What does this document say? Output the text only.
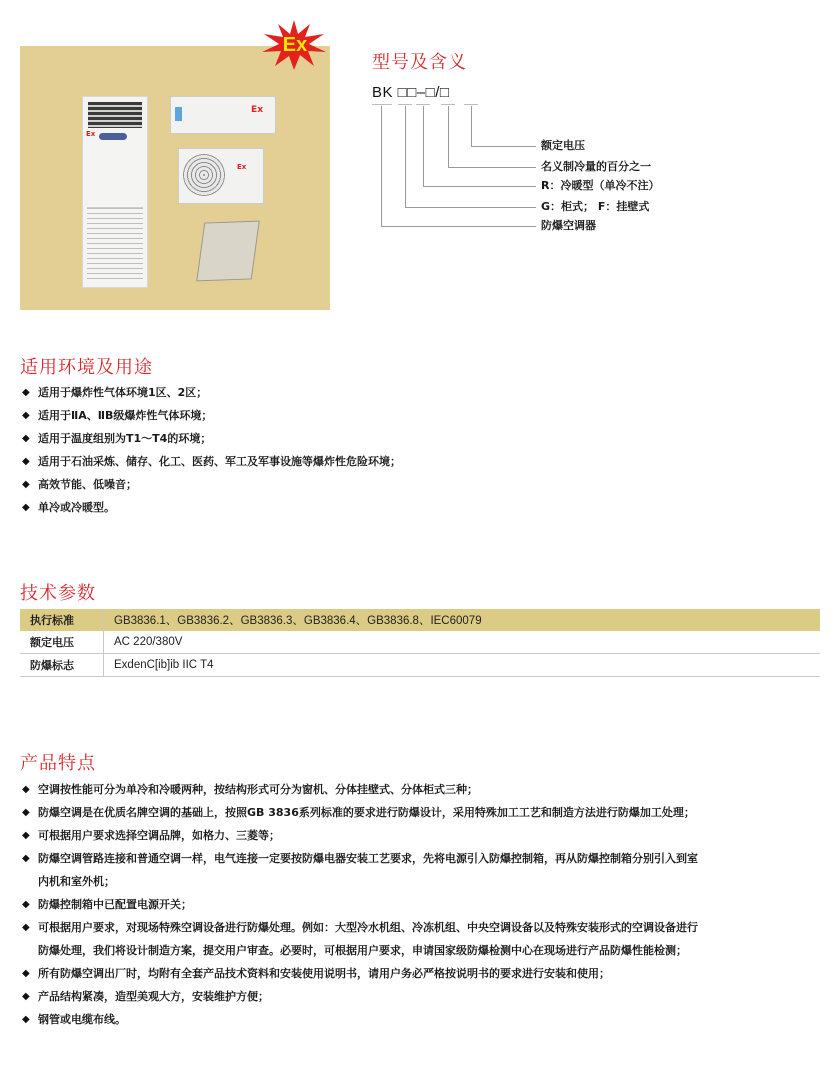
Ex
Ex
Ex
Ex
型号及含义
BK □□–□/□
额定电压
名义制冷量的百分之一
R：冷暖型（单冷不注）
G：柜式； F：挂壁式
防爆空调器
适用环境及用途
◆ 适用于爆炸性气体环境1区、2区；
◆ 适用于ⅡA、ⅡB级爆炸性气体环境；
◆ 适用于温度组别为T1～T4的环境；
◆ 适用于石油采炼、储存、化工、医药、军工及军事设施等爆炸性危险环境；
◆ 高效节能、低噪音；
◆ 单冷或冷暖型。
技术参数
执行标准	GB3836.1、GB3836.2、GB3836.3、GB3836.4、GB3836.8、IEC60079
额定电压	AC 220/380V
防爆标志	ExdenC[ib]ib IIC T4
产品特点
◆ 空调按性能可分为单冷和冷暖两种，按结构形式可分为窗机、分体挂壁式、分体柜式三种；
◆ 防爆空调是在优质名牌空调的基础上，按照GB 3836系列标准的要求进行防爆设计，采用特殊加工工艺和制造方法进行防爆加工处理；
◆ 可根据用户要求选择空调品牌，如格力、三菱等；
◆ 防爆空调管路连接和普通空调一样，电气连接一定要按防爆电器安装工艺要求，先将电源引入防爆控制箱，再从防爆控制箱分别引入到室
内机和室外机；
◆ 防爆控制箱中已配置电源开关；
◆ 可根据用户要求，对现场特殊空调设备进行防爆处理。例如：大型冷水机组、冷冻机组、中央空调设备以及特殊安装形式的空调设备进行
防爆处理，我们将设计制造方案，提交用户审查。必要时，可根据用户要求，申请国家级防爆检测中心在现场进行产品防爆性能检测；
◆ 所有防爆空调出厂时，均附有全套产品技术资料和安装使用说明书，请用户务必严格按说明书的要求进行安装和使用；
◆ 产品结构紧凑，造型美观大方，安装维护方便；
◆ 钢管或电缆布线。
